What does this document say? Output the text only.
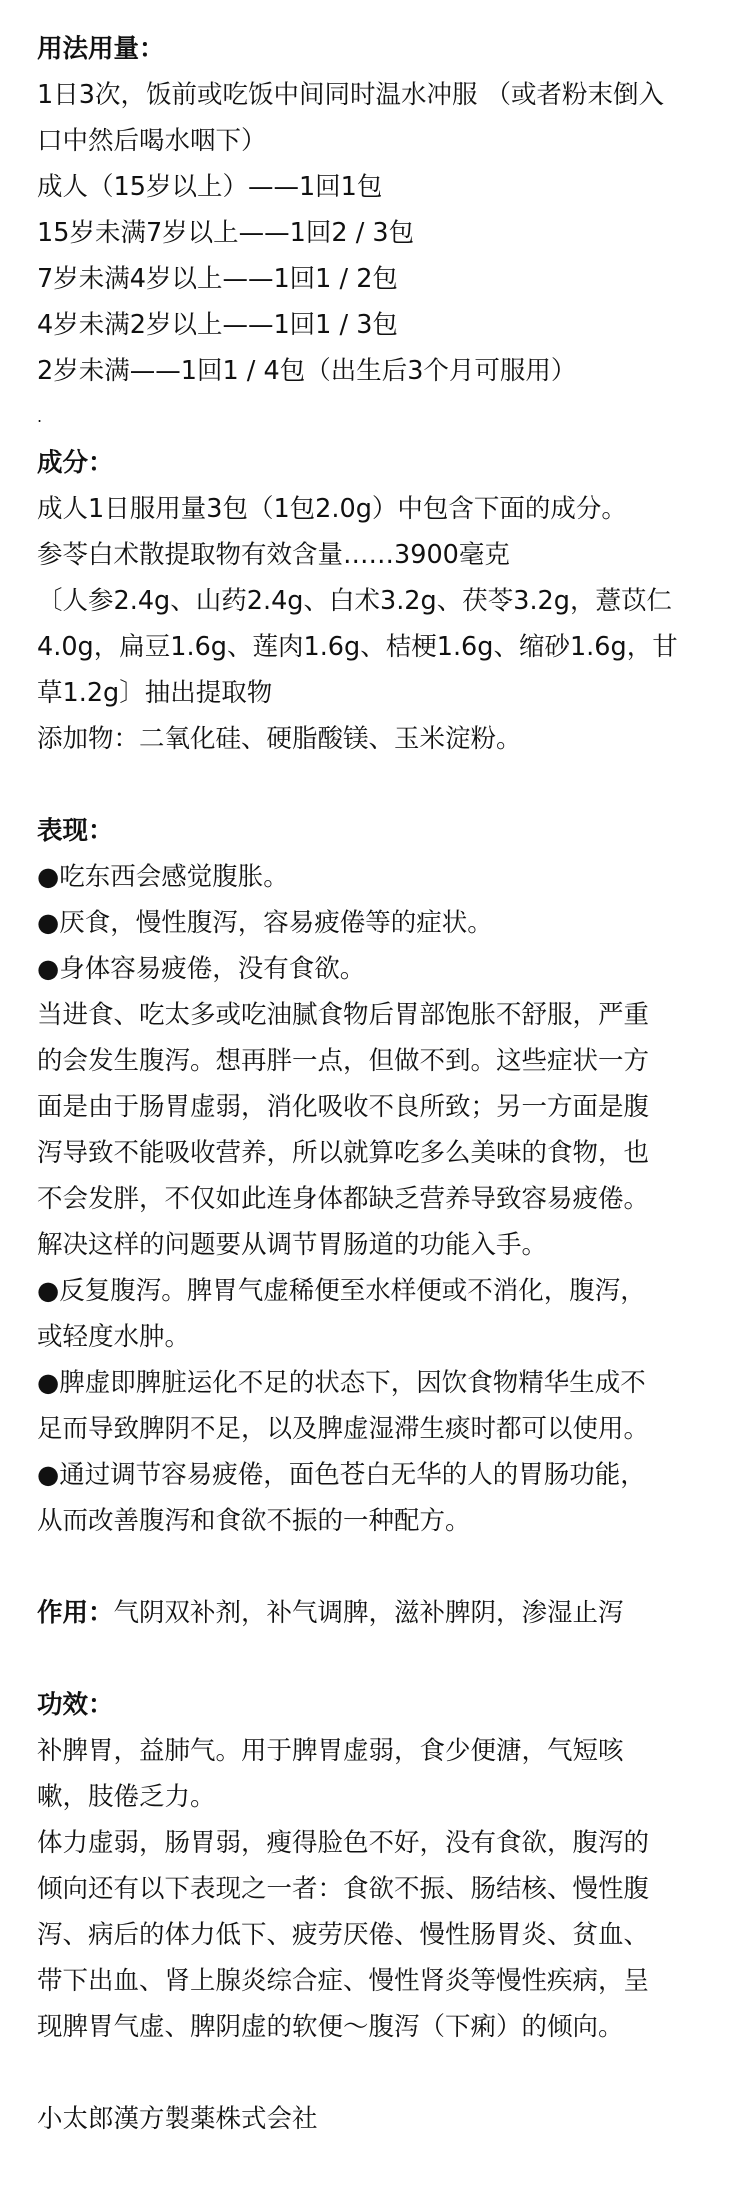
用法用量：
1日3次，饭前或吃饭中间同时温水冲服 （或者粉末倒入
口中然后喝水咽下）
成人（15岁以上）——1回1包
15岁未满7岁以上——1回2 / 3包
7岁未满4岁以上——1回1 / 2包
4岁未满2岁以上——1回1 / 3包
2岁未满——1回1 / 4包（出生后3个月可服用）
.
成分：
成人1日服用量3包（1包2.0g）中包含下面的成分。
参苓白术散提取物有效含量……3900毫克
〔人参2.4g、山药2.4g、白术3.2g、茯苓3.2g，薏苡仁
4.0g，扁豆1.6g、莲肉1.6g、桔梗1.6g、缩砂1.6g，甘
草1.2g〕抽出提取物
添加物：二氧化硅、硬脂酸镁、玉米淀粉。
表现：
●吃东西会感觉腹胀。
●厌食，慢性腹泻，容易疲倦等的症状。
●身体容易疲倦，没有食欲。
当进食、吃太多或吃油腻食物后胃部饱胀不舒服，严重
的会发生腹泻。想再胖一点，但做不到。这些症状一方
面是由于肠胃虚弱，消化吸收不良所致；另一方面是腹
泻导致不能吸收营养，所以就算吃多么美味的食物，也
不会发胖，不仅如此连身体都缺乏营养导致容易疲倦。
解决这样的问题要从调节胃肠道的功能入手。
●反复腹泻。脾胃气虚稀便至水样便或不消化，腹泻，
或轻度水肿。
●脾虚即脾脏运化不足的状态下，因饮食物精华生成不
足而导致脾阴不足，以及脾虚湿滞生痰时都可以使用。
●通过调节容易疲倦，面色苍白无华的人的胃肠功能，
从而改善腹泻和食欲不振的一种配方。
作用：气阴双补剂，补气调脾，滋补脾阴，渗湿止泻
功效：
补脾胃，益肺气。用于脾胃虚弱，食少便溏，气短咳
嗽，肢倦乏力。
体力虚弱，肠胃弱，瘦得脸色不好，没有食欲，腹泻的
倾向还有以下表现之一者：食欲不振、肠结核、慢性腹
泻、病后的体力低下、疲劳厌倦、慢性肠胃炎、贫血、
带下出血、肾上腺炎综合症、慢性肾炎等慢性疾病，呈
现脾胃气虚、脾阴虚的软便～腹泻（下痢）的倾向。
小太郎漢方製薬株式会社
